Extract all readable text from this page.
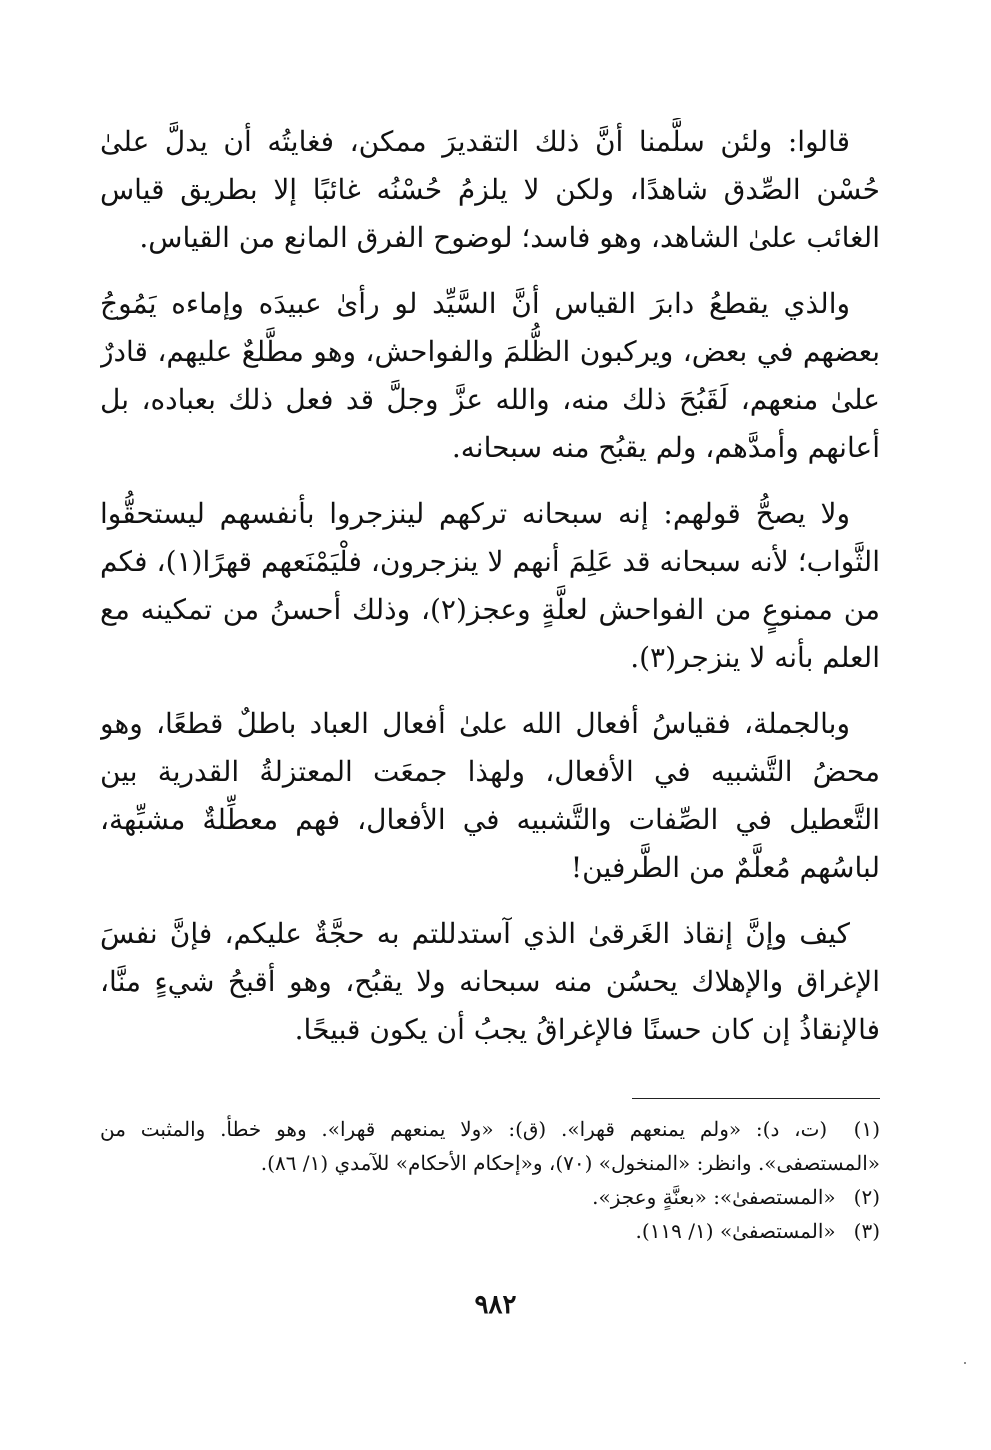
قالوا: ولئن سلَّمنا أنَّ ذلك التقديرَ ممكن، فغايتُه أن يدلَّ علىٰ حُسْن الصِّدق شاهدًا، ولكن لا يلزمُ حُسْنُه غائبًا إلا بطريق قياس الغائب علىٰ الشاهد، وهو فاسد؛ لوضوح الفرق المانع من القياس.

والذي يقطعُ دابرَ القياس أنَّ السَّيِّد لو رأىٰ عبيدَه وإماءه يَمُوجُ بعضهم في بعض، ويركبون الظُّلمَ والفواحش، وهو مطَّلعٌ عليهم، قادرٌ علىٰ منعهم، لَقَبُحَ ذلك منه، والله عزَّ وجلَّ قد فعل ذلك بعباده، بل أعانهم وأمدَّهم، ولم يقبُح منه سبحانه.

ولا يصحُّ قولهم: إنه سبحانه تركهم لينزجروا بأنفسهم ليستحقُّوا الثَّواب؛ لأنه سبحانه قد عَلِمَ أنهم لا ينزجرون، فلْيَمْنَعهم قهرًا(١)، فكم من ممنوعٍ من الفواحش لعلَّةٍ وعجز(٢)، وذلك أحسنُ من تمكينه مع العلم بأنه لا ينزجر(٣).

وبالجملة، فقياسُ أفعال الله علىٰ أفعال العباد باطلٌ قطعًا، وهو محضُ التَّشبيه في الأفعال، ولهذا جمعَت المعتزلةُ القدرية بين التَّعطيل في الصِّفات والتَّشبيه في الأفعال، فهم معطِّلةٌ مشبِّهة، لباسُهم مُعلَّمٌ من الطَّرفين!

كيف وإنَّ إنقاذ الغَرقىٰ الذي آستدللتم به حجَّةٌ عليكم، فإنَّ نفسَ الإغراق والإهلاك يحسُن منه سبحانه ولا يقبُح، وهو أقبحُ شيءٍ منَّا، فالإنقاذُ إن كان حسنًا فالإغراقُ يجبُ أن يكون قبيحًا.

(١) (ت، د): «ولم يمنعهم قهرا». (ق): «ولا يمنعهم قهرا». وهو خطأ. والمثبت من «المستصفى». وانظر: «المنخول» (٧٠)، و«إحكام الأحكام» للآمدي (١/ ٨٦).

(٢) «المستصفىٰ»: «بعنَّةٍ وعجز».

(٣) «المستصفىٰ» (١/ ١١٩).

٩٨٢
